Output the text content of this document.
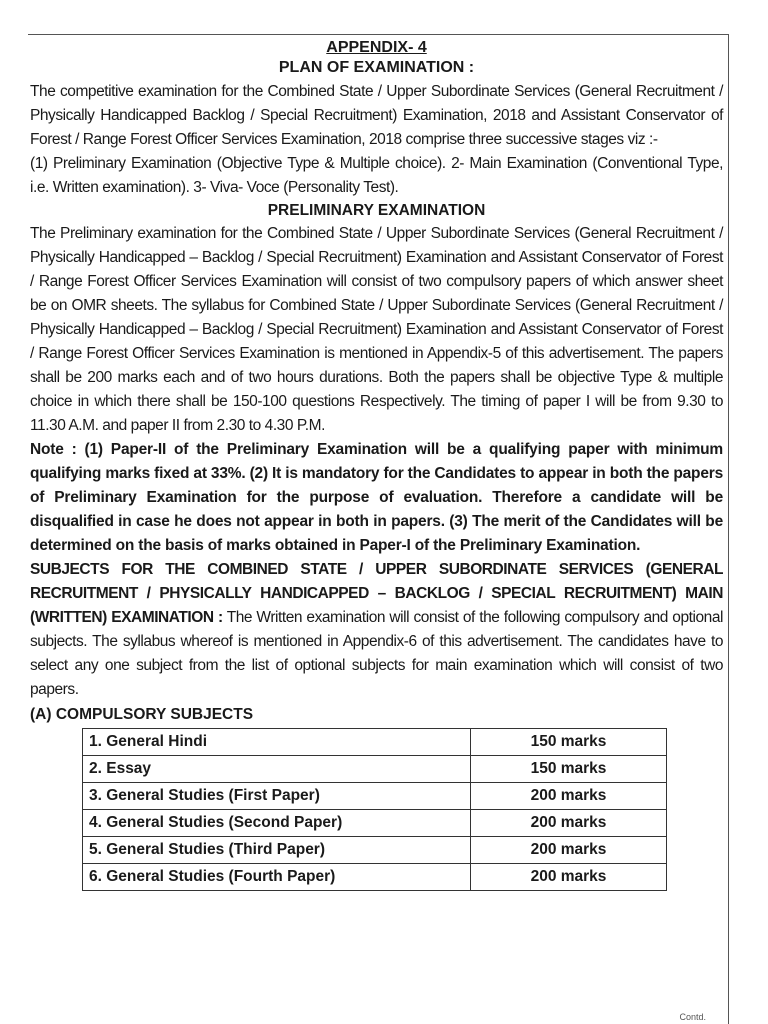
APPENDIX- 4
PLAN OF EXAMINATION :

The competitive examination for the Combined State / Upper Subordinate Services (General Recruitment / Physically Handicapped Backlog / Special Recruitment) Examination, 2018 and Assistant Conservator of Forest / Range Forest Officer Services Examination, 2018 comprise three successive stages viz :-

(1) Preliminary Examination (Objective Type & Multiple choice). 2- Main Examination (Conventional Type, i.e. Written examination). 3- Viva- Voce (Personality Test).

PRELIMINARY EXAMINATION

The Preliminary examination for the Combined State / Upper Subordinate Services (General Recruitment / Physically Handicapped – Backlog / Special Recruitment) Examination and Assistant Conservator of Forest / Range Forest Officer Services Examination will consist of two compulsory papers of which answer sheet be on OMR sheets. The syllabus for Combined State / Upper Subordinate Services (General Recruitment / Physically Handicapped – Backlog / Special Recruitment) Examination and Assistant Conservator of Forest / Range Forest Officer Services Examination is mentioned in Appendix-5 of this advertisement. The papers shall be 200 marks each and of two hours durations. Both the papers shall be objective Type & multiple choice in which there shall be 150-100 questions Respectively. The timing of paper I will be from 9.30 to 11.30 A.M. and paper II from 2.30 to 4.30 P.M.

Note : (1) Paper-II of the Preliminary Examination will be a qualifying paper with minimum qualifying marks fixed at 33%. (2) It is mandatory for the Candidates to appear in both the papers of Preliminary Examination for the purpose of evaluation. Therefore a candidate will be disqualified in case he does not appear in both in papers. (3) The merit of the Candidates will be determined on the basis of marks obtained in Paper-I of the Preliminary Examination.

SUBJECTS FOR THE COMBINED STATE / UPPER SUBORDINATE SERVICES (GENERAL RECRUITMENT / PHYSICALLY HANDICAPPED – BACKLOG / SPECIAL RECRUITMENT) MAIN (WRITTEN) EXAMINATION : The Written examination will consist of the following compulsory and optional subjects. The syllabus whereof is mentioned in Appendix-6 of this advertisement. The candidates have to select any one subject from the list of optional subjects for main examination which will consist of two papers.

(A) COMPULSORY SUBJECTS
1. General Hindi	150 marks
2. Essay	150 marks
3. General Studies (First Paper)	200 marks
4. General Studies (Second Paper)	200 marks
5. General Studies (Third Paper)	200 marks
6. General Studies (Fourth Paper)	200 marks
Contd.
